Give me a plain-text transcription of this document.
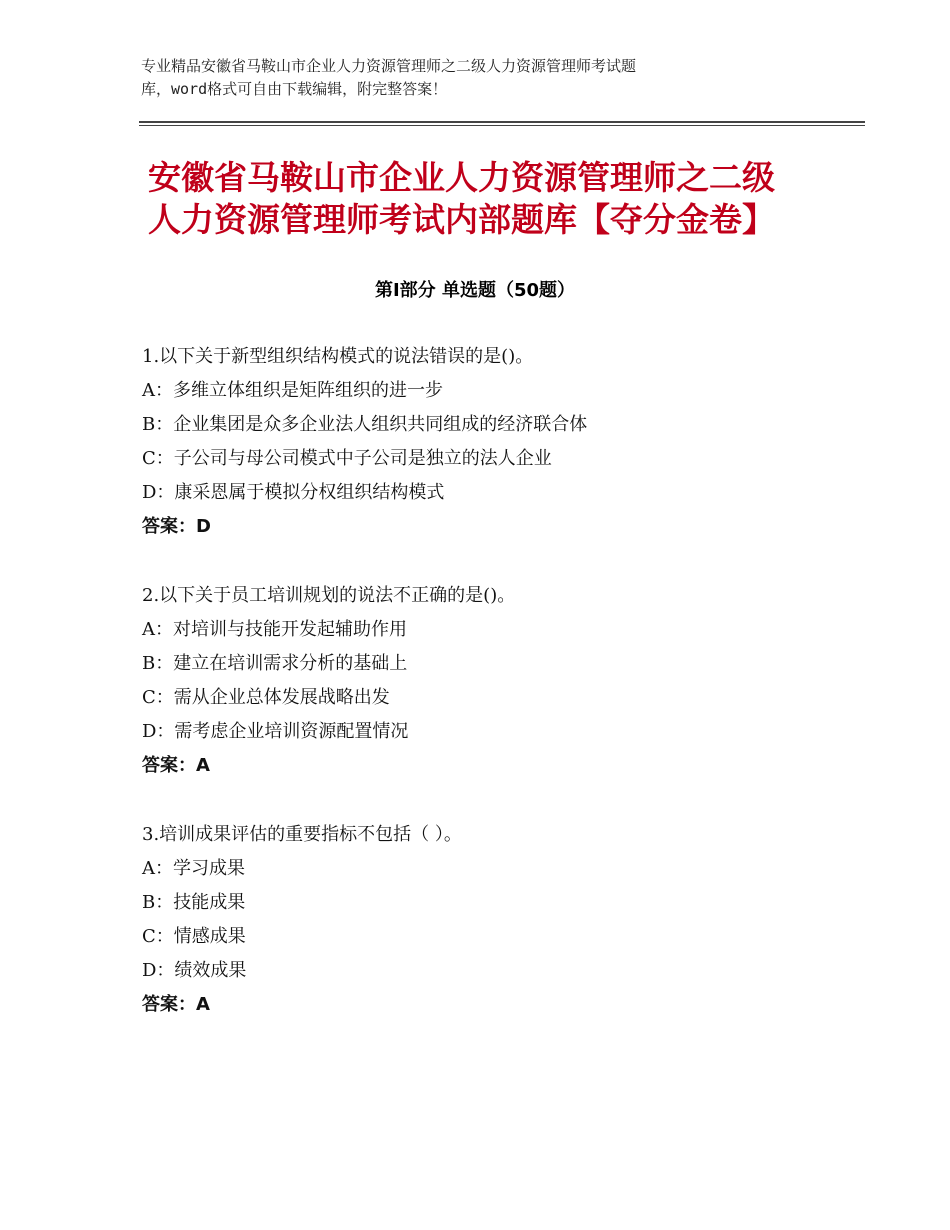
专业精品安徽省马鞍山市企业人力资源管理师之二级人力资源管理师考试题
库，word格式可自由下载编辑，附完整答案！
安徽省马鞍山市企业人力资源管理师之二级
人力资源管理师考试内部题库【夺分金卷】
第Ⅰ部分 单选题（50题）
1.以下关于新型组织结构模式的说法错误的是()。
A：多维立体组织是矩阵组织的进一步
B：企业集团是众多企业法人组织共同组成的经济联合体
C：子公司与母公司模式中子公司是独立的法人企业
D：康采恩属于模拟分权组织结构模式
答案：D
2.以下关于员工培训规划的说法不正确的是()。
A：对培训与技能开发起辅助作用
B：建立在培训需求分析的基础上
C：需从企业总体发展战略出发
D：需考虑企业培训资源配置情况
答案：A
3.培训成果评估的重要指标不包括（ ）。
A：学习成果
B：技能成果
C：情感成果
D：绩效成果
答案：A
